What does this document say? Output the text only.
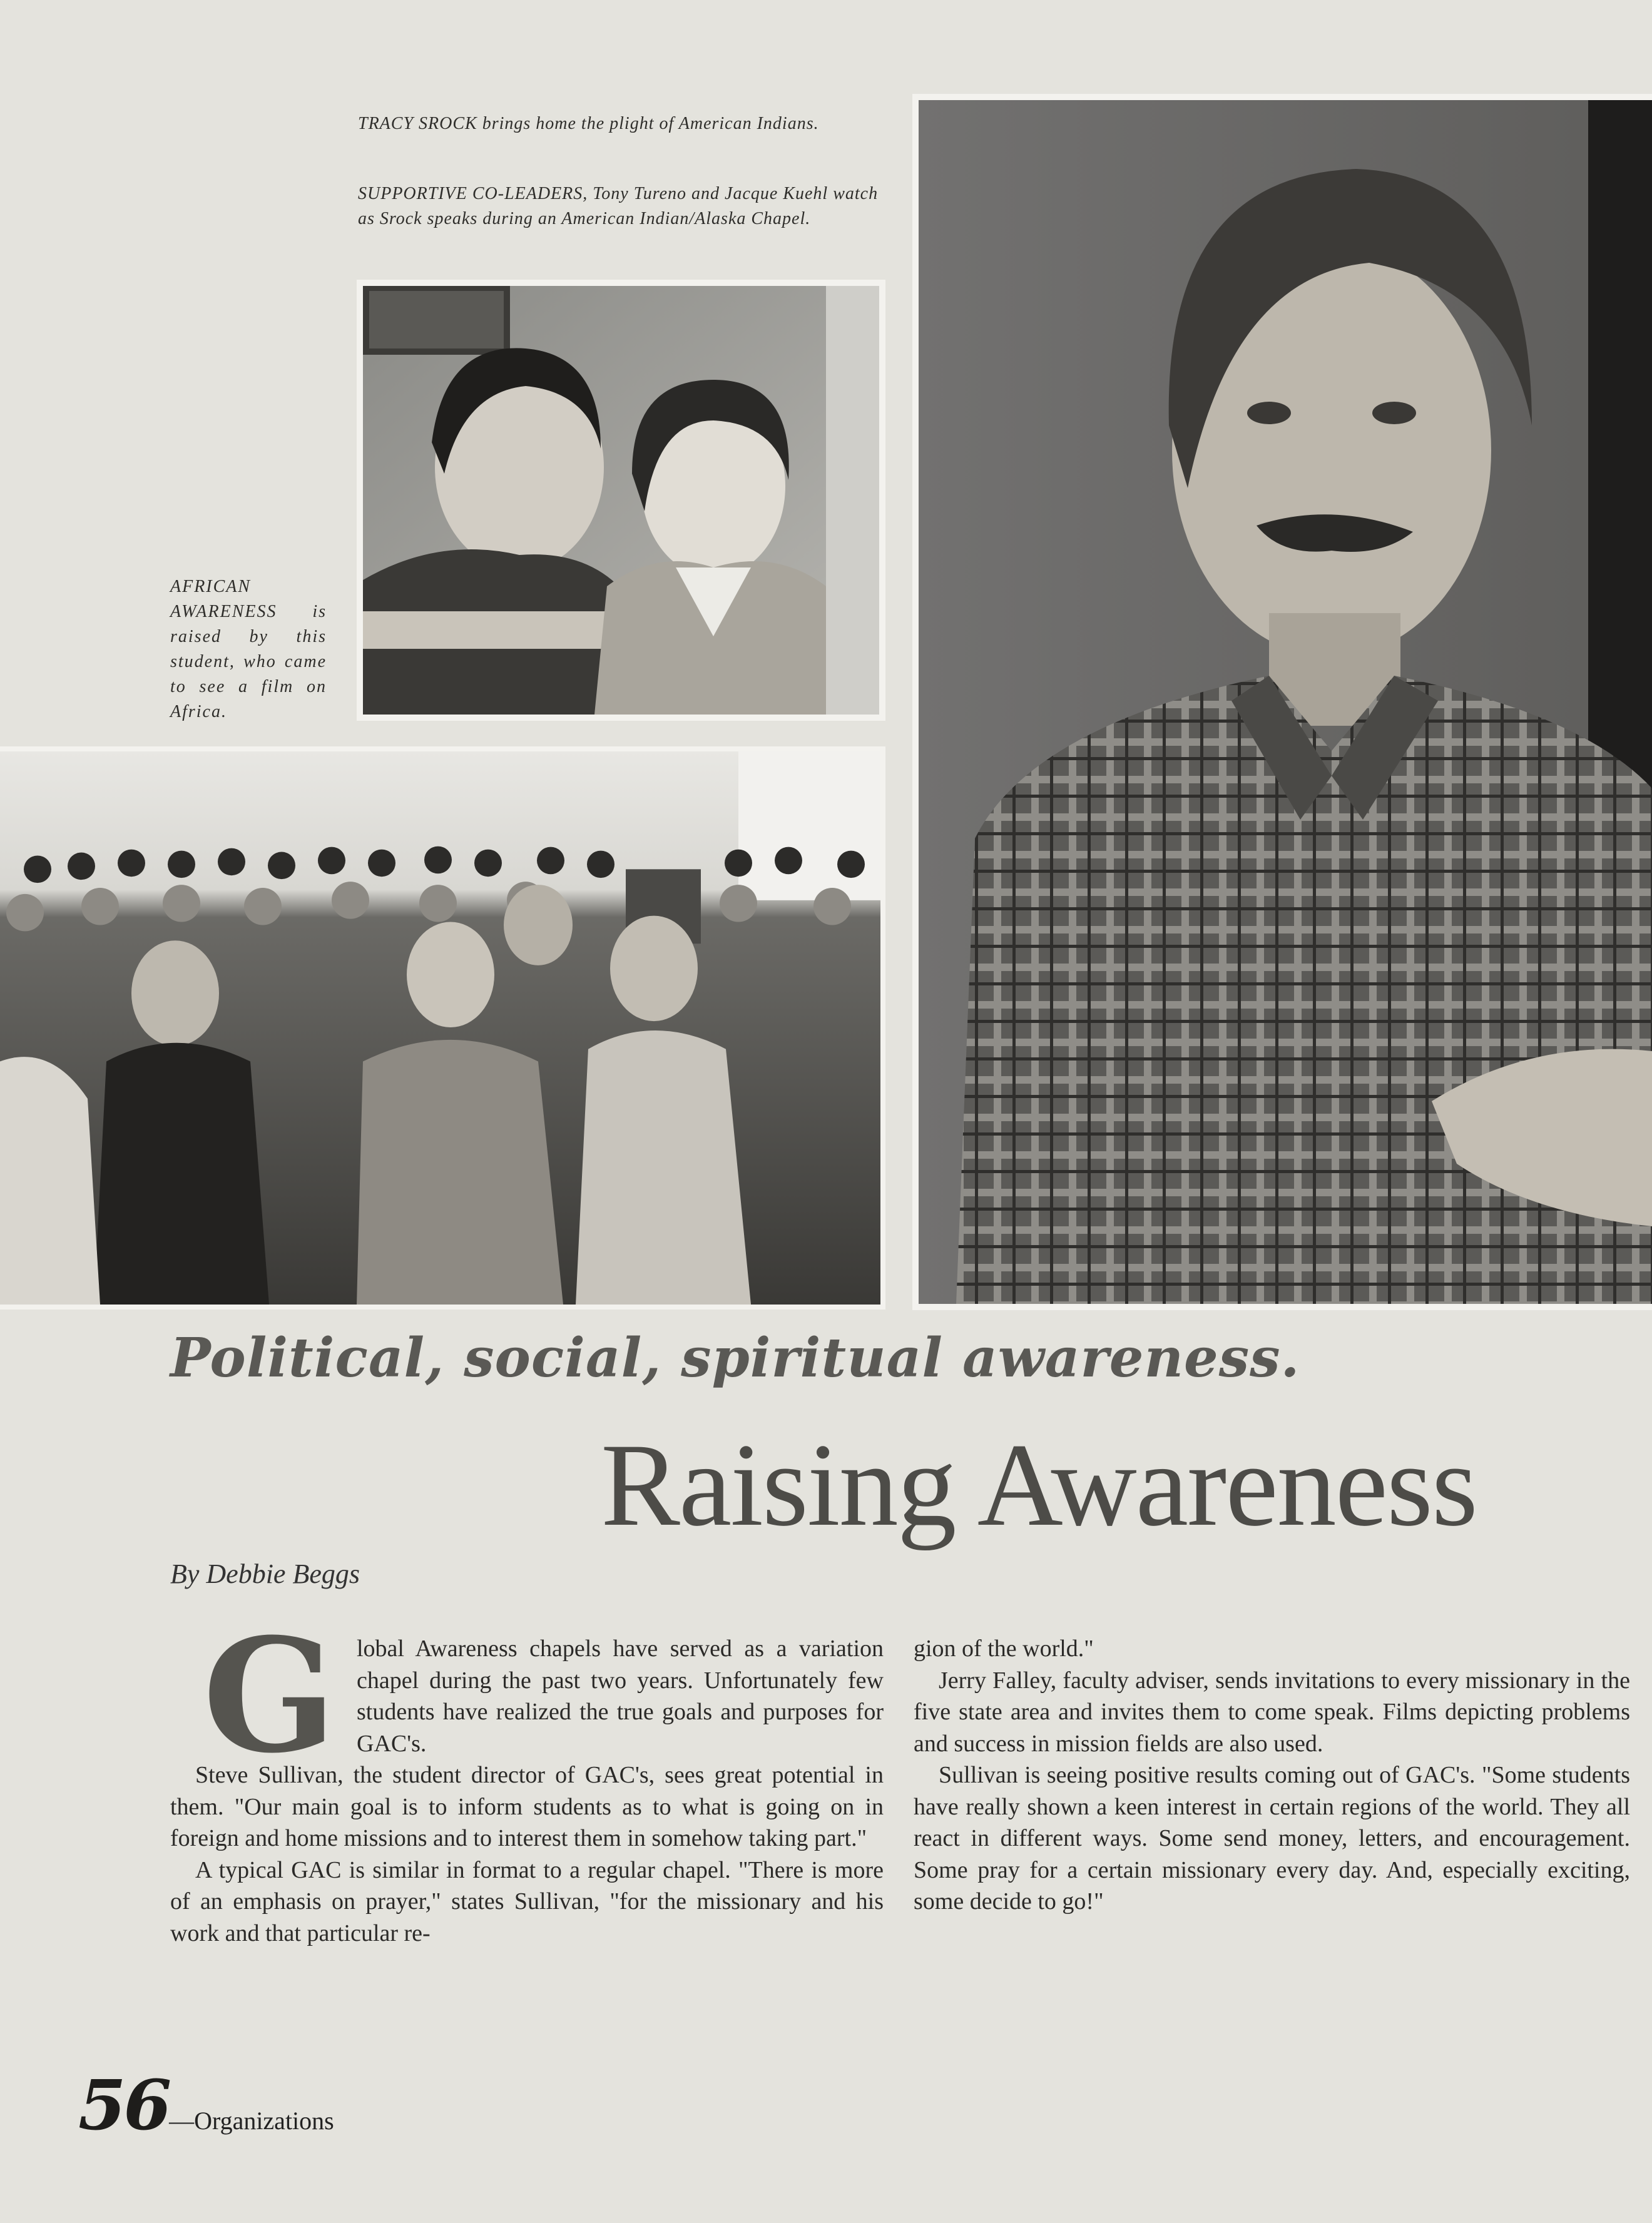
TRACY SROCK brings home the plight of American Indians.
SUPPORTIVE CO-LEADERS, Tony Tureno and Jacque Kuehl watch as Srock speaks during an American Indian/Alaska Chapel.
AFRICAN AWARENESS is raised by this student, who came to see a film on Africa.
Political, social, spiritual awareness.
Raising Awareness
By Debbie Beggs
G lobal Awareness chapels have served as a variation chapel during the past two years. Unfortunately few students have realized the true goals and purposes for GAC's.

Steve Sullivan, the student director of GAC's, sees great potential in them. "Our main goal is to inform students as to what is going on in foreign and home missions and to interest them in somehow taking part."

A typical GAC is similar in format to a regular chapel. "There is more of an emphasis on prayer," states Sullivan, "for the missionary and his work and that particular re-

gion of the world."

Jerry Falley, faculty adviser, sends invitations to every missionary in the five state area and invites them to come speak. Films depicting problems and success in mission fields are also used.

Sullivan is seeing positive results coming out of GAC's. "Some students have really shown a keen interest in certain regions of the world. They all react in different ways. Some send money, letters, and encouragement. Some pray for a certain missionary every day. And, especially exciting, some decide to go!"

56—Organizations
